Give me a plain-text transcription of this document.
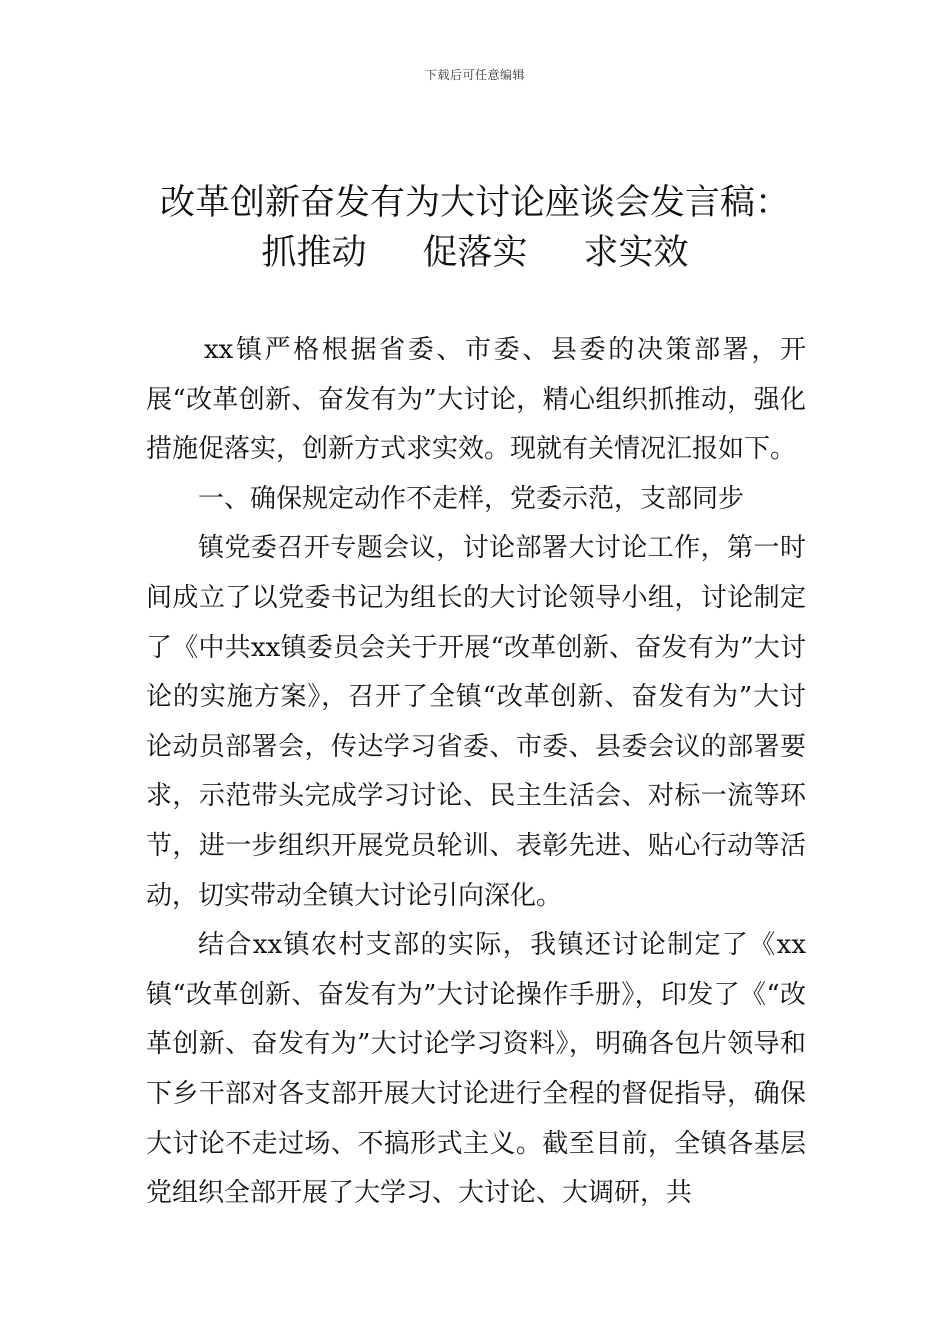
下载后可任意编辑
改革创新奋发有为大讨论座谈会发言稿：
抓推动 促落实 求实效

xx镇严格根据省委、市委、县委的决策部署，开展“改革创新、奋发有为”大讨论，精心组织抓推动，强化措施促落实，创新方式求实效。现就有关情况汇报如下。

一、确保规定动作不走样，党委示范，支部同步

镇党委召开专题会议，讨论部署大讨论工作，第一时间成立了以党委书记为组长的大讨论领导小组，讨论制定了《中共xx镇委员会关于开展“改革创新、奋发有为”大讨论的实施方案》，召开了全镇“改革创新、奋发有为”大讨论动员部署会，传达学习省委、市委、县委会议的部署要求，示范带头完成学习讨论、民主生活会、对标一流等环节，进一步组织开展党员轮训、表彰先进、贴心行动等活动，切实带动全镇大讨论引向深化。

结合xx镇农村支部的实际，我镇还讨论制定了《xx镇“改革创新、奋发有为”大讨论操作手册》，印发了《“改革创新、奋发有为”大讨论学习资料》，明确各包片领导和下乡干部对各支部开展大讨论进行全程的督促指导，确保大讨论不走过场、不搞形式主义。截至目前，全镇各基层党组织全部开展了大学习、大讨论、大调研，共
